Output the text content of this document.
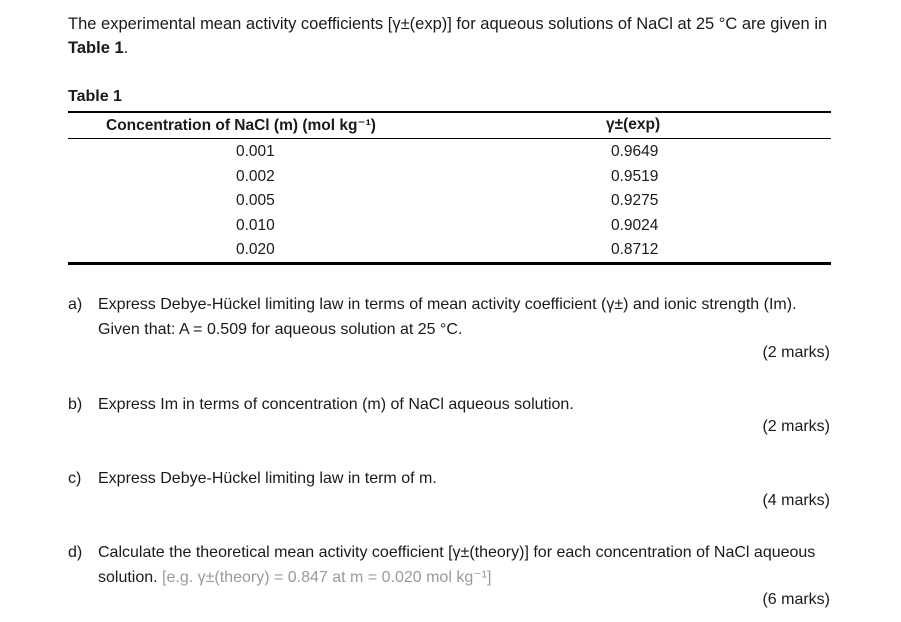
The experimental mean activity coefficients [γ±(exp)] for aqueous solutions of NaCl at 25 °C are given in Table 1.
Table 1
Concentration of NaCl (m) (mol kg⁻¹)	γ±(exp)
0.001	0.9649
0.002	0.9519
0.005	0.9275
0.010	0.9024
0.020	0.8712
a) Express Debye-Hückel limiting law in terms of mean activity coefficient (γ±) and ionic strength (Im). Given that: A = 0.509 for aqueous solution at 25 °C.
(2 marks)
b) Express Im in terms of concentration (m) of NaCl aqueous solution.
(2 marks)
c) Express Debye-Hückel limiting law in term of m.
(4 marks)
d) Calculate the theoretical mean activity coefficient [γ±(theory)] for each concentration of NaCl aqueous solution. [e.g. γ±(theory) = 0.847 at m = 0.020 mol kg⁻¹]
(6 marks)
